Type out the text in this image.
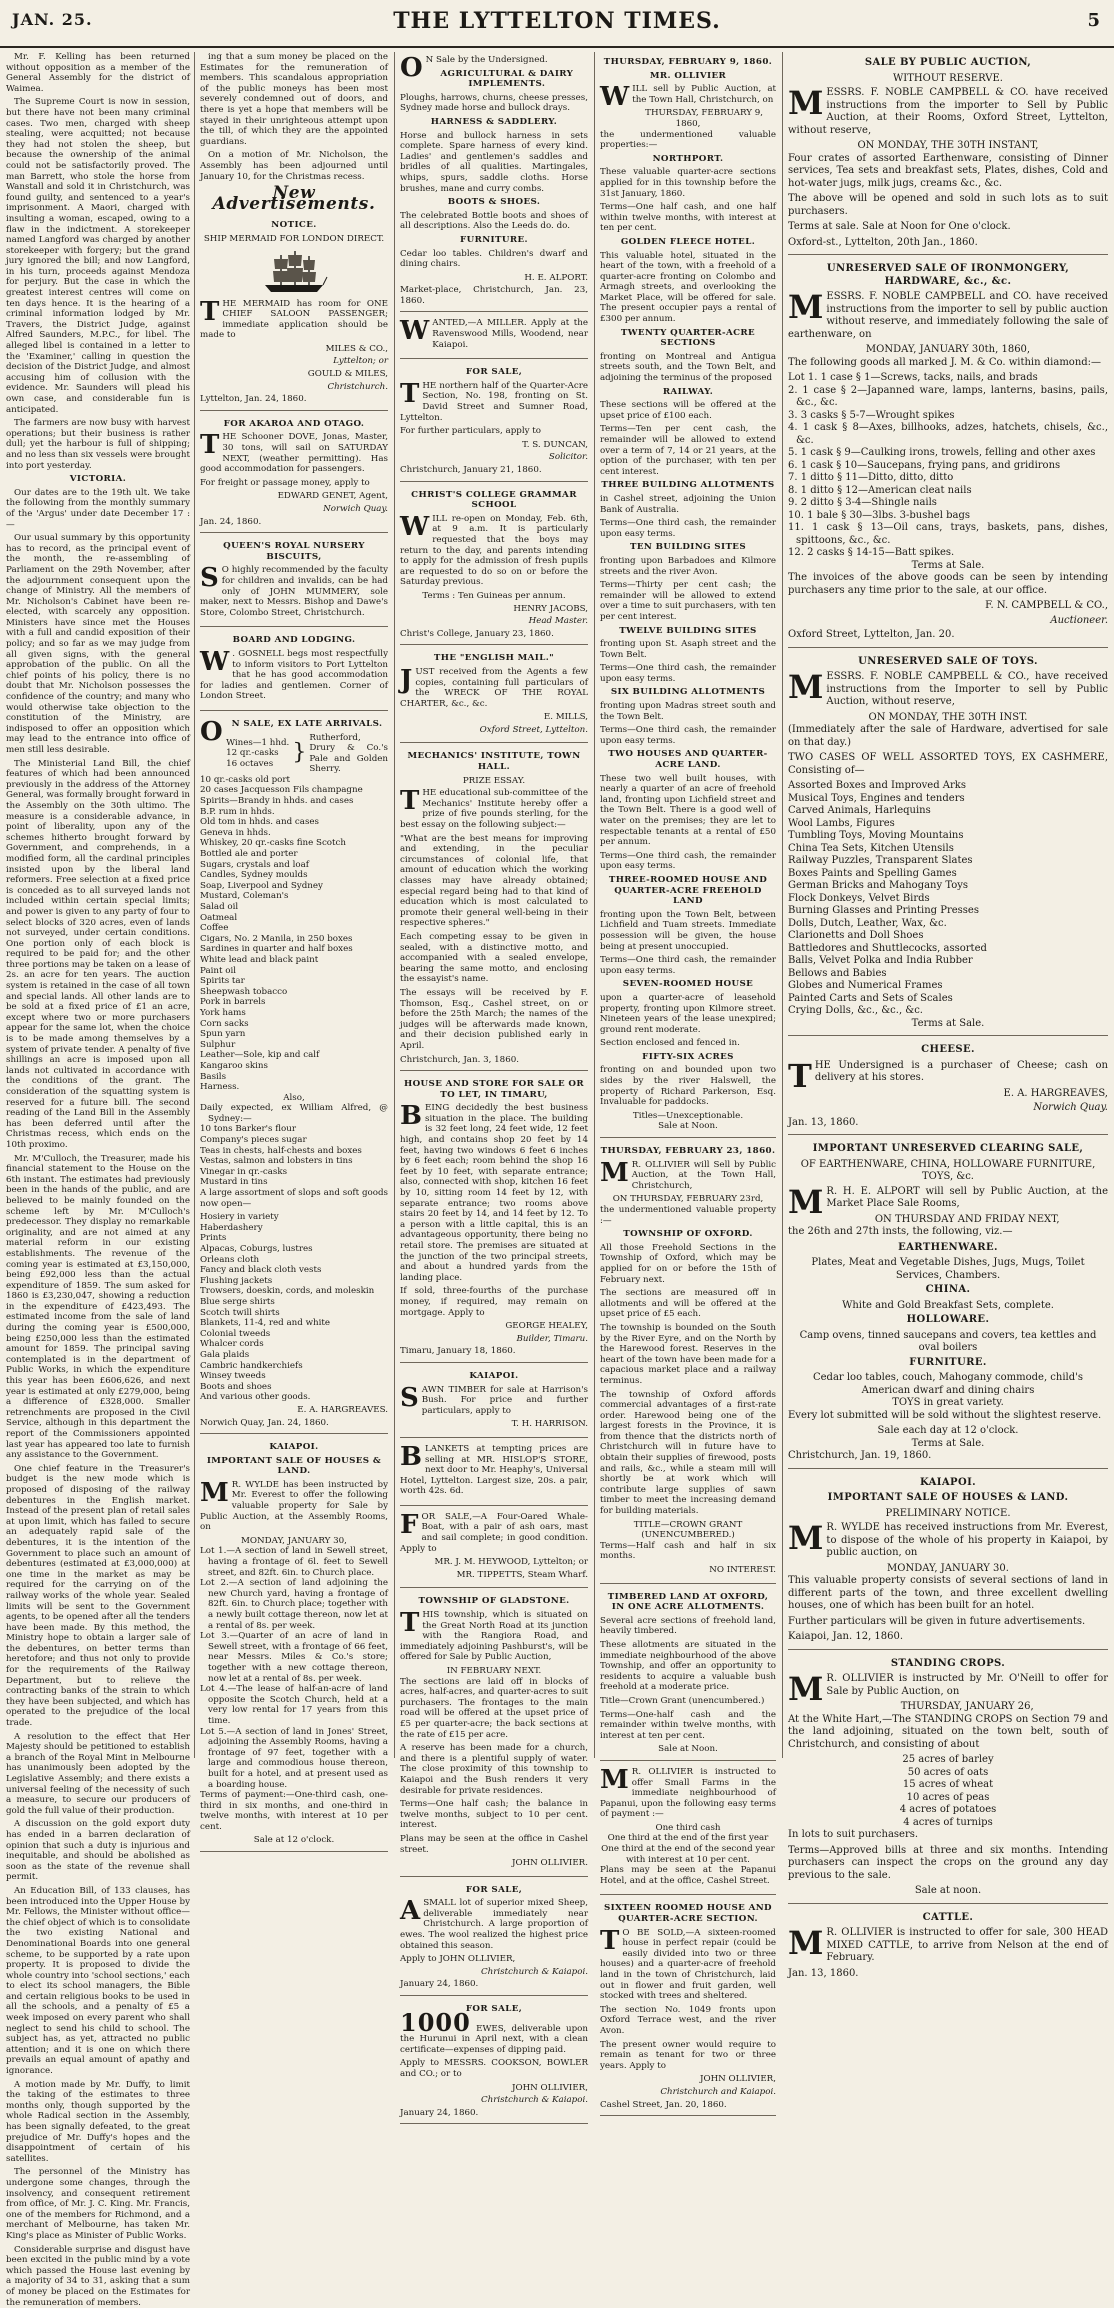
JAN. 25.	THE LYTTELTON TIMES.	5

Mr. F. Kelling has been returned without opposition as a member of the General Assembly for the district of Waimea.

The Supreme Court is now in session, but there have not been many criminal cases. Two men, charged with sheep stealing, were acquitted; not because they had not stolen the sheep, but because the ownership of the animal could not be satisfactorily proved. The man Barrett, who stole the horse from Wanstall and sold it in Christchurch, was found guilty, and sentenced to a year's imprisonment. A Maori, charged with insulting a woman, escaped, owing to a flaw in the indictment. A storekeeper named Langford was charged by another storekeeper with forgery; but the grand jury ignored the bill; and now Langford, in his turn, proceeds against Mendoza for perjury. But the case in which the greatest interest centres will come on ten days hence. It is the hearing of a criminal information lodged by Mr. Travers, the District Judge, against Alfred Saunders, M.P.C., for libel. The alleged libel is contained in a letter to the 'Examiner,' calling in question the decision of the District Judge, and almost accusing him of collusion with the evidence. Mr. Saunders will plead his own case, and considerable fun is anticipated.

The farmers are now busy with harvest operations; but their business is rather dull; yet the harbour is full of shipping; and no less than six vessels were brought into port yesterday.

VICTORIA.

Our dates are to the 19th ult. We take the following from the monthly summary of the 'Argus' under date December 17 :—

Our usual summary by this opportunity has to record, as the principal event of the month, the re-assembling of Parliament on the 29th November, after the adjournment consequent upon the change of Ministry. All the members of Mr. Nicholson's Cabinet have been re-elected, with scarcely any opposition. Ministers have since met the Houses with a full and candid exposition of their policy; and so far as we may judge from all given signs, with the general approbation of the public. On all the chief points of his policy, there is no doubt that Mr. Nicholson possesses the confidence of the country; and many who would otherwise take objection to the constitution of the Ministry, are indisposed to offer an opposition which may lead to the entrance into office of men still less desirable.

The Ministerial Land Bill, the chief features of which had been announced previously in the address of the Attorney General, was formally brought forward in the Assembly on the 30th ultimo. The measure is a considerable advance, in point of liberality, upon any of the schemes hitherto brought forward by Government, and comprehends, in a modified form, all the cardinal principles insisted upon by the liberal land reformers. Free selection at a fixed price is conceded as to all surveyed lands not included within certain special limits; and power is given to any party of four to select blocks of 320 acres, even of lands not surveyed, under certain conditions. One portion only of each block is required to be paid for; and the other three portions may be taken on a lease of 2s. an acre for ten years. The auction system is retained in the case of all town and special lands. All other lands are to be sold at a fixed price of £1 an acre, except where two or more purchasers appear for the same lot, when the choice is to be made among themselves by a system of private tender. A penalty of five shillings an acre is imposed upon all lands not cultivated in accordance with the conditions of the grant. The consideration of the squatting system is reserved for a future bill. The second reading of the Land Bill in the Assembly has been deferred until after the Christmas recess, which ends on the 10th proximo.

Mr. M'Culloch, the Treasurer, made his financial statement to the House on the 6th instant. The estimates had previously been in the hands of the public, and are believed to be mainly founded on the scheme left by Mr. M'Culloch's predecessor. They display no remarkable originality, and are not aimed at any material reform in our existing establishments. The revenue of the coming year is estimated at £3,150,000, being £92,000 less than the actual expenditure of 1859. The sum asked for 1860 is £3,230,047, showing a reduction in the expenditure of £423,493. The estimated income from the sale of land during the coming year is £500,000, being £250,000 less than the estimated amount for 1859. The principal saving contemplated is in the department of Public Works, in which the expenditure this year has been £606,626, and next year is estimated at only £279,000, being a difference of £328,000. Smaller retrenchments are proposed in the Civil Service, although in this department the report of the Commissioners appointed last year has appeared too late to furnish any assistance to the Government.

One chief feature in the Treasurer's budget is the new mode which is proposed of disposing of the railway debentures in the English market. Instead of the present plan of retail sales at upon limit, which has failed to secure an adequately rapid sale of the debentures, it is the intention of the Government to place such an amount of debentures (estimated at £3,000,000) at one time in the market as may be required for the carrying on of the railway works of the whole year. Sealed limits will be sent to the Government agents, to be opened after all the tenders have been made. By this method, the Ministry hope to obtain a larger sale of the debentures, on better terms than heretofore; and thus not only to provide for the requirements of the Railway Department, but to relieve the contracting banks of the strain to which they have been subjected, and which has operated to the prejudice of the local trade.

A resolution to the effect that Her Majesty should be petitioned to establish a branch of the Royal Mint in Melbourne has unanimously been adopted by the Legislative Assembly; and there exists a universal feeling of the necessity of such a measure, to secure our producers of gold the full value of their production.

A discussion on the gold export duty has ended in a barren declaration of opinion that such a duty is injurious and inequitable, and should be abolished as soon as the state of the revenue shall permit.

An Education Bill, of 133 clauses, has been introduced into the Upper House by Mr. Fellows, the Minister without office—the chief object of which is to consolidate the two existing National and Denominational Boards into one general scheme, to be supported by a rate upon property. It is proposed to divide the whole country into 'school sections,' each to elect its school managers, the Bible and certain religious books to be used in all the schools, and a penalty of £5 a week imposed on every parent who shall neglect to send his child to school. The subject has, as yet, attracted no public attention; and it is one on which there prevails an equal amount of apathy and ignorance.

A motion made by Mr. Duffy, to limit the taking of the estimates to three months only, though supported by the whole Radical section in the Assembly, has been signally defeated, to the great prejudice of Mr. Duffy's hopes and the disappointment of certain of his satellites.

The personnel of the Ministry has undergone some changes, through the insolvency, and consequent retirement from office, of Mr. J. C. King. Mr. Francis, one of the members for Richmond, and a merchant of Melbourne, has taken Mr. King's place as Minister of Public Works.

Considerable surprise and disgust have been excited in the public mind by a vote which passed the House last evening by a majority of 34 to 31, asking that a sum of money be placed on the Estimates for the remuneration of members.

ing that a sum money be placed on the Estimates for the remuneration of members. This scandalous appropriation of the public moneys has been most severely condemned out of doors, and there is yet a hope that members will be stayed in their unrighteous attempt upon the till, of which they are the appointed guardians.

On a motion of Mr. Nicholson, the Assembly has been adjourned until January 10, for the Christmas recess.

New Advertisements.
NOTICE.
SHIP MERMAID FOR LONDON DIRECT.

THE MERMAID has room for ONE CHIEF SALOON PASSENGER; immediate application should be made to

MILES & CO.,
Lyttelton; or
GOULD & MILES,
Christchurch.
Lyttelton, Jan. 24, 1860.
FOR AKAROA AND OTAGO.

THE Schooner DOVE, Jonas, Master, 30 tons, will sail on SATURDAY NEXT, (weather permitting). Has good accommodation for passengers.

For freight or passage money, apply to

EDWARD GENET, Agent,
Norwich Quay.
Jan. 24, 1860.
QUEEN'S ROYAL NURSERY BISCUITS,

S O highly recommended by the faculty for children and invalids, can be had only of JOHN MUMMERY, sole maker, next to Messrs. Bishop and Dawe's Store, Colombo Street, Christchurch.

BOARD AND LODGING.

W . GOSNELL begs most respectfully to inform visitors to Port Lyttelton that he has good accommodation for ladies and gentlemen. Corner of London Street.

O N SALE, EX LATE ARRIVALS.
Wines—1 hhd.
12 qr.-casks
16 octaves }
Rutherford, Drury & Co.'s Pale and Golden Sherry.
10 qr.-casks old port
20 cases Jacquesson Fils champagne
Spirits—Brandy in hhds. and cases
B.P. rum in hhds.
Old tom in hhds. and cases
Geneva in hhds.
Whiskey, 20 qr.-casks fine Scotch
Bottled ale and porter
Sugars, crystals and loaf
Candles, Sydney moulds
Soap, Liverpool and Sydney
Mustard, Coleman's
Salad oil
Oatmeal
Coffee
Cigars, No. 2 Manila, in 250 boxes
Sardines in quarter and half boxes
White lead and black paint
Paint oil
Spirits tar
Sheepwash tobacco
Pork in barrels
York hams
Corn sacks
Spun yarn
Sulphur
Leather—Sole, kip and calf
Kangaroo skins
Basils
Harness.
Also,
Daily expected, ex William Alfred, @ Sydney:—
10 tons Barker's flour
Company's pieces sugar
Teas in chests, half-chests and boxes
Vestas, salmon and lobsters in tins
Vinegar in qr.-casks
Mustard in tins

A large assortment of slops and soft goods now open—

Hosiery in variety
Haberdashery
Prints
Alpacas, Coburgs, lustres
Orleans cloth
Fancy and black cloth vests
Flushing jackets
Trowsers, doeskin, cords, and moleskin
Blue serge shirts
Scotch twill shirts
Blankets, 11-4, red and white
Colonial tweeds
Whalcer cords
Gala plaids
Cambric handkerchiefs
Winsey tweeds
Boots and shoes
And various other goods.
E. A. HARGREAVES.
Norwich Quay, Jan. 24, 1860.
KAIAPOI.
IMPORTANT SALE OF HOUSES & LAND.

M R. WYLDE has been instructed by Mr. Everest to offer the following valuable property for Sale by Public Auction, at the Assembly Rooms, on

MONDAY, JANUARY 30,
Lot 1.—A section of land in Sewell street, having a frontage of 6l. feet to Sewell street, and 82ft. 6in. to Church place.
Lot 2.—A section of land adjoining the new Church yard, having a frontage of 82ft. 6in. to Church place; together with a newly built cottage thereon, now let at a rental of 8s. per week.
Lot 3.—Quarter of an acre of land in Sewell street, with a frontage of 66 feet, near Messrs. Miles & Co.'s store; together with a new cottage thereon, now let at a rental of 8s. per week.
Lot 4.—The lease of half-an-acre of land opposite the Scotch Church, held at a very low rental for 17 years from this time.
Lot 5.—A section of land in Jones' Street, adjoining the Assembly Rooms, having a frontage of 97 feet, together with a large and commodious house thereon, built for a hotel, and at present used as a boarding house.

Terms of payment:—One-third cash, one-third in six months, and one-third in twelve months, with interest at 10 per cent.

Sale at 12 o'clock.

O N Sale by the Undersigned.

AGRICULTURAL & DAIRY IMPLEMENTS.

Ploughs, harrows, churns, cheese presses, Sydney made horse and bullock drays.

HARNESS & SADDLERY.

Horse and bullock harness in sets complete. Spare harness of every kind. Ladies' and gentlemen's saddles and bridles of all qualities. Martingales, whips, spurs, saddle cloths. Horse brushes, mane and curry combs.

BOOTS & SHOES.

The celebrated Bottle boots and shoes of all descriptions. Also the Leeds do. do.

FURNITURE.

Cedar loo tables. Children's dwarf and dining chairs.

H. E. ALPORT.
Market-place, Christchurch, Jan. 23, 1860.

WANTED,—A MILLER. Apply at the Ravenswood Mills, Woodend, near Kaiapoi.

FOR SALE,

THE northern half of the Quarter-Acre Section, No. 198, fronting on St. David Street and Sumner Road, Lyttelton.

For further particulars, apply to

T. S. DUNCAN,
Solicitor.
Christchurch, January 21, 1860.
CHRIST'S COLLEGE GRAMMAR SCHOOL

WILL re-open on Monday, Feb. 6th, at 9 a.m. It is particularly requested that the boys may return to the day, and parents intending to apply for the admission of fresh pupils are requested to do so on or before the Saturday previous.

Terms : Ten Guineas per annum.
HENRY JACOBS,
Head Master.
Christ's College, January 23, 1860.
THE "ENGLISH MAIL."

JUST received from the Agents a few copies, containing full particulars of the WRECK OF THE ROYAL CHARTER, &c., &c.

E. MILLS,
Oxford Street, Lyttelton.
MECHANICS' INSTITUTE, TOWN HALL.
PRIZE ESSAY.

THE educational sub-committee of the Mechanics' Institute hereby offer a prize of five pounds sterling, for the best essay on the following subject:—

"What are the best means for improving and extending, in the peculiar circumstances of colonial life, that amount of education which the working classes may have already obtained; especial regard being had to that kind of education which is most calculated to promote their general well-being in their respective spheres."

Each competing essay to be given in sealed, with a distinctive motto, and accompanied with a sealed envelope, bearing the same motto, and enclosing the essayist's name.

The essays will be received by F. Thomson, Esq., Cashel street, on or before the 25th March; the names of the judges will be afterwards made known, and their decision published early in April.

Christchurch, Jan. 3, 1860.
HOUSE AND STORE FOR SALE OR TO LET, IN TIMARU,

BEING decidedly the best business situation in the place. The building is 32 feet long, 24 feet wide, 12 feet high, and contains shop 20 feet by 14 feet, having two windows 6 feet 6 inches by 6 feet each; room behind the shop 16 feet by 10 feet, with separate entrance; also, connected with shop, kitchen 16 feet by 10, sitting room 14 feet by 12, with separate entrance; two rooms above stairs 20 feet by 14, and 14 feet by 12. To a person with a little capital, this is an advantageous opportunity, there being no retail store. The premises are situated at the junction of the two principal streets, and about a hundred yards from the landing place.

If sold, three-fourths of the purchase money, if required, may remain on mortgage. Apply to

GEORGE HEALEY,
Builder, Timaru.
Timaru, January 18, 1860.
KAIAPOI.

SAWN TIMBER for sale at Harrison's Bush. For price and further particulars, apply to

T. H. HARRISON.

BLANKETS at tempting prices are selling at MR. HISLOP'S STORE, next door to Mr. Heaphy's, Universal Hotel, Lyttelton. Largest size, 20s. a pair, worth 42s. 6d.

FOR SALE,—A Four-Oared Whale-Boat, with a pair of ash oars, mast and sail complete; in good condition. Apply to

MR. J. M. HEYWOOD, Lyttelton; or
MR. TIPPETTS, Steam Wharf.
TOWNSHIP OF GLADSTONE.

THIS township, which is situated on the Great North Road at its junction with the Rangiora Road, and immediately adjoining Pashburst's, will be offered for Sale by Public Auction,

IN FEBRUARY NEXT.

The sections are laid off in blocks of acres, half-acres, and quarter-acres to suit purchasers. The frontages to the main road will be offered at the upset price of £5 per quarter-acre; the back sections at the rate of £15 per acre.

A reserve has been made for a church, and there is a plentiful supply of water. The close proximity of this township to Kaiapoi and the Bush renders it very desirable for private residences.

Terms—One half cash; the balance in twelve months, subject to 10 per cent. interest.

Plans may be seen at the office in Cashel street.

JOHN OLLIVIER.
FOR SALE,

A SMALL lot of superior mixed Sheep, deliverable immediately near Christchurch. A large proportion of ewes. The wool realized the highest price obtained this season.

Apply to JOHN OLLIVIER,
Christchurch & Kaiapoi.
January 24, 1860.
FOR SALE,

1000 EWES, deliverable upon the Hurunui in April next, with a clean certificate—expenses of dipping paid.

Apply to MESSRS. COOKSON, BOWLER and CO.; or to

JOHN OLLIVIER,
Christchurch & Kaiapoi.
January 24, 1860.
THURSDAY, FEBRUARY 9, 1860.
MR. OLLIVIER

WILL sell by Public Auction, at the Town Hall, Christchurch, on

THURSDAY, FEBRUARY 9, 1860,

the undermentioned valuable properties:—

NORTHPORT.

These valuable quarter-acre sections applied for in this township before the 31st January, 1860.

Terms—One half cash, and one half within twelve months, with interest at ten per cent.

GOLDEN FLEECE HOTEL.

This valuable hotel, situated in the heart of the town, with a freehold of a quarter-acre fronting on Colombo and Armagh streets, and overlooking the Market Place, will be offered for sale. The present occupier pays a rental of £300 per annum.

TWENTY QUARTER-ACRE SECTIONS

fronting on Montreal and Antigua streets south, and the Town Belt, and adjoining the terminus of the proposed

RAILWAY.

These sections will be offered at the upset price of £100 each.

Terms—Ten per cent cash, the remainder will be allowed to extend over a term of 7, 14 or 21 years, at the option of the purchaser, with ten per cent interest.

THREE BUILDING ALLOTMENTS

in Cashel street, adjoining the Union Bank of Australia.

Terms—One third cash, the remainder upon easy terms.

TEN BUILDING SITES

fronting upon Barbadoes and Kilmore streets and the river Avon.

Terms—Thirty per cent cash; the remainder will be allowed to extend over a time to suit purchasers, with ten per cent interest.

TWELVE BUILDING SITES

fronting upon St. Asaph street and the Town Belt.

Terms—One third cash, the remainder upon easy terms.

SIX BUILDING ALLOTMENTS

fronting upon Madras street south and the Town Belt.

Terms—One third cash, the remainder upon easy terms.

TWO HOUSES AND QUARTER-ACRE LAND.

These two well built houses, with nearly a quarter of an acre of freehold land, fronting upon Lichfield street and the Town Belt. There is a good well of water on the premises; they are let to respectable tenants at a rental of £50 per annum.

Terms—One third cash, the remainder upon easy terms.

THREE-ROOMED HOUSE AND QUARTER-ACRE FREEHOLD LAND

fronting upon the Town Belt, between Lichfield and Tuam streets. Immediate possession will be given, the house being at present unoccupied.

Terms—One third cash, the remainder upon easy terms.

SEVEN-ROOMED HOUSE

upon a quarter-acre of leasehold property, fronting upon Kilmore street. Nineteen years of the lease unexpired; ground rent moderate.

Section enclosed and fenced in.

FIFTY-SIX ACRES

fronting on and bounded upon two sides by the river Halswell, the property of Richard Parkerson, Esq. Invaluable for paddocks.

Titles—Unexceptionable.
Sale at Noon.
THURSDAY, FEBRUARY 23, 1860.

M R. OLLIVIER will Sell by Public Auction, at the Town Hall, Christchurch,

ON THURSDAY, FEBRUARY 23rd,

the undermentioned valuable property :—

TOWNSHIP OF OXFORD.

All those Freehold Sections in the Township of Oxford, which may be applied for on or before the 15th of February next.

The sections are measured off in allotments and will be offered at the upset price of £5 each.

The township is bounded on the South by the River Eyre, and on the North by the Harewood forest. Reserves in the heart of the town have been made for a capacious market place and a railway terminus.

The township of Oxford affords commercial advantages of a first-rate order. Harewood being one of the largest forests in the Province, it is from thence that the districts north of Christchurch will in future have to obtain their supplies of firewood, posts and rails, &c., while a steam mill will shortly be at work which will contribute large supplies of sawn timber to meet the increasing demand for building materials.

TITLE—CROWN GRANT (UNENCUMBERED.)

Terms—Half cash and half in six months.

NO INTEREST.
TIMBERED LAND AT OXFORD, IN ONE ACRE ALLOTMENTS.

Several acre sections of freehold land, heavily timbered.

These allotments are situated in the immediate neighbourhood of the above Township, and offer an opportunity to residents to acquire a valuable bush freehold at a moderate price.

Title—Crown Grant (unencumbered.)

Terms—One-half cash and the remainder within twelve months, with interest at ten per cent.

Sale at Noon.

M R. OLLIVIER is instructed to offer Small Farms in the immediate neighbourhood of Papanui, upon the following easy terms of payment :—

One third cash
One third at the end of the first year
One third at the end of the second year
with interest at 10 per cent.

Plans may be seen at the Papanui Hotel, and at the office, Cashel Street.

SIXTEEN ROOMED HOUSE AND QUARTER-ACRE SECTION.

T O BE SOLD,—A sixteen-roomed house in perfect repair (could be easily divided into two or three houses) and a quarter-acre of freehold land in the town of Christchurch, laid out in flower and fruit garden, well stocked with trees and shelterеd.

The section No. 1049 fronts upon Oxford Terrace west, and the river Avon.

The present owner would require to remain as tenant for two or three years. Apply to

JOHN OLLIVIER,
Christchurch and Kaiapoi.
Cashel Street, Jan. 20, 1860.
SALE BY PUBLIC AUCTION,
WITHOUT RESERVE.

MESSRS. F. NOBLE CAMPBELL & CO. have received instructions from the importer to Sell by Public Auction, at their Rooms, Oxford Street, Lyttelton, without reserve,

ON MONDAY, THE 30TH INSTANT,

Four crates of assorted Earthenware, consisting of Dinner services, Tea sets and breakfast sets, Plates, dishes, Cold and hot-water jugs, milk jugs, creams &c., &c.

The above will be opened and sold in such lots as to suit purchasers.

Terms at sale. Sale at Noon for One o'clock.

Oxford-st., Lyttelton, 20th Jan., 1860.
UNRESERVED SALE OF IRONMONGERY, HARDWARE, &c., &c.

MESSRS. F. NOBLE CAMPBELL and CO. have received instructions from the importer to sell by public auction without reserve, and immediately following the sale of earthenware, on

MONDAY, JANUARY 30th, 1860,

The following goods all marked J. M. & Co. within diamond:—

Lot 1. 1 case § 1—Screws, tacks, nails, and brads
2. 1 case § 2—Japanned ware, lamps, lanterns, basins, pails, &c., &c.
3. 3 casks § 5-7—Wrought spikes
4. 1 cask § 8—Axes, billhooks, adzes, hatchets, chisels, &c., &c.
5. 1 cask § 9—Caulking irons, trowels, felling and other axes
6. 1 cask § 10—Saucepans, frying pans, and gridirons
7. 1 ditto § 11—Ditto, ditto, ditto
8. 1 ditto § 12—American cleat nails
9. 2 ditto § 3-4—Shingle nails
10. 1 bale § 30—3lbs. 3-bushel bags
11. 1 cask § 13—Oil cans, trays, baskets, pans, dishes, spittoons, &c., &c.
12. 2 casks § 14-15—Batt spikes.
Terms at Sale.

The invoices of the above goods can be seen by intending purchasers any time prior to the sale, at our office.

F. N. CAMPBELL & CO.,
Auctioneer.
Oxford Street, Lyttelton, Jan. 20.
UNRESERVED SALE OF TOYS.

MESSRS. F. NOBLE CAMPBELL & CO., have received instructions from the Importer to sell by Public Auction, without reserve,

ON MONDAY, THE 30TH INST.

(Immediately after the sale of Hardware, advertised for sale on that day.)

TWO CASES OF WELL ASSORTED TOYS, EX CASHMERE, Consisting of—

Assorted Boxes and Improved Arks
Musical Toys, Engines and tenders
Carved Animals, Harlequins
Wool Lambs, Figures
Tumbling Toys, Moving Mountains
China Tea Sets, Kitchen Utensils
Railway Puzzles, Transparent Slates
Boxes Paints and Spelling Games
German Bricks and Mahogany Toys
Flock Donkeys, Velvet Birds
Burning Glasses and Printing Presses
Dolls, Dutch, Leather, Wax, &c.
Clarionetts and Doll Shoes
Battledores and Shuttlecocks, assorted
Balls, Velvet Polka and India Rubber
Bellows and Babies
Globes and Numerical Frames
Painted Carts and Sets of Scales
Crying Dolls, &c., &c., &c.
Terms at Sale.
CHEESE.

THE Undersigned is a purchaser of Cheese; cash on delivery at his stores.

E. A. HARGREAVES,
Norwich Quay.
Jan. 13, 1860.
IMPORTANT UNRESERVED CLEARING SALE,
OF EARTHENWARE, CHINA, HOLLOWARE FURNITURE, TOYS, &c.

M R. H. E. ALPORT will sell by Public Auction, at the Market Place Sale Rooms,

ON THURSDAY AND FRIDAY NEXT,

the 26th and 27th insts, the following, viz.—

EARTHENWARE.
Plates, Meat and Vegetable Dishes, Jugs, Mugs, Toilet Services, Chambers.
CHINA.
White and Gold Breakfast Sets, complete.
HOLLOWARE.
Camp ovens, tinned saucepans and covers, tea kettles and oval boilers
FURNITURE.
Cedar loo tables, couch, Mahogany commode, child's American dwarf and dining chairs
TOYS in great variety.

Every lot submitted will be sold without the slightest reserve.

Sale each day at 12 o'clock.
Terms at Sale.
Christchurch, Jan. 19, 1860.
KAIAPOI.
IMPORTANT SALE OF HOUSES & LAND.
PRELIMINARY NOTICE.

M R. WYLDE has received instructions from Mr. Everest, to dispose of the whole of his property in Kaiapoi, by public auction, on

MONDAY, JANUARY 30.

This valuable property consists of several sections of land in different parts of the town, and three excellent dwelling houses, one of which has been built for an hotel.

Further particulars will be given in future advertisements.

Kaiapoi, Jan. 12, 1860.
STANDING CROPS.

M R. OLLIVIER is instructed by Mr. O'Neill to offer for Sale by Public Auction, on

THURSDAY, JANUARY 26,

At the White Hart,—The STANDING CROPS on Section 79 and the land adjoining, situated on the town belt, south of Christchurch, and consisting of about

25 acres of barley
50 acres of oats
15 acres of wheat
10 acres of peas
4 acres of potatoes
4 acres of turnips

In lots to suit purchasers.

Terms—Approved bills at three and six months. Intending purchasers can inspect the crops on the ground any day previous to the sale.

Sale at noon.
CATTLE.

M R. OLLIVIER is instructed to offer for sale, 300 HEAD MIXED CATTLE, to arrive from Nelson at the end of February.

Jan. 13, 1860.
